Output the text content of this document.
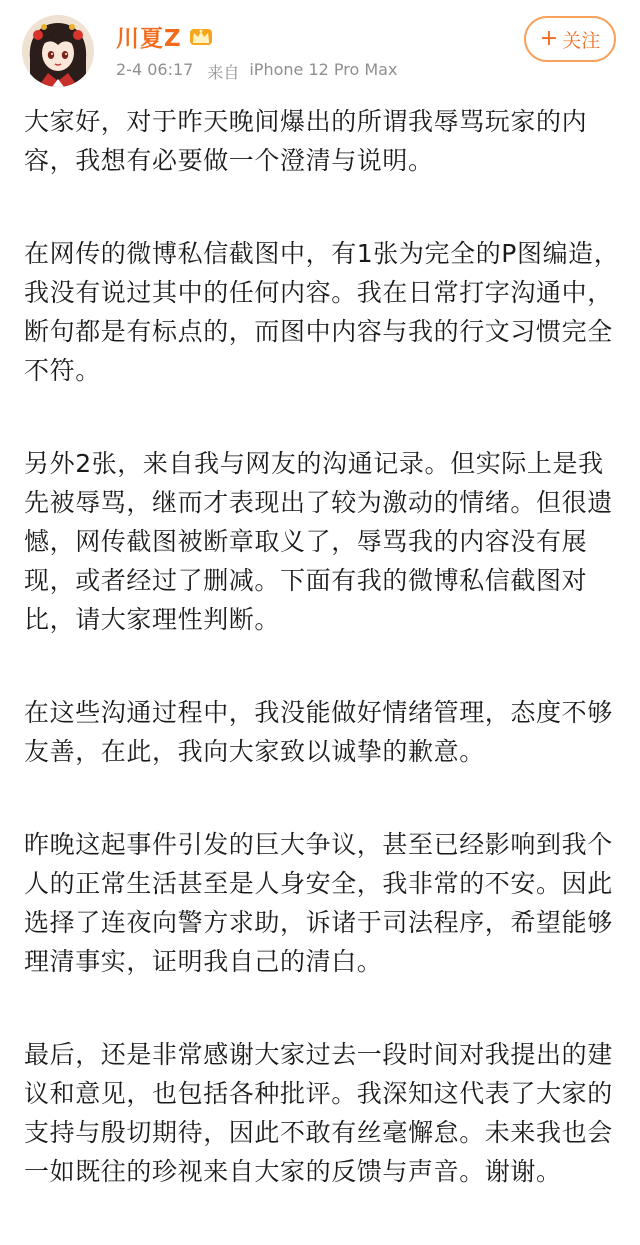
川夏Z
2-4 06:17 来自 iPhone 12 Pro Max
+ 关注

大家好，对于昨天晚间爆出的所谓我辱骂玩家的内容，我想有必要做一个澄清与说明。

在网传的微博私信截图中，有1张为完全的P图编造，我没有说过其中的任何内容。我在日常打字沟通中，断句都是有标点的，而图中内容与我的行文习惯完全不符。

另外2张，来自我与网友的沟通记录。但实际上是我先被辱骂，继而才表现出了较为激动的情绪。但很遗憾，网传截图被断章取义了，辱骂我的内容没有展现，或者经过了删减。下面有我的微博私信截图对比，请大家理性判断。

在这些沟通过程中，我没能做好情绪管理，态度不够友善，在此，我向大家致以诚挚的歉意。

昨晚这起事件引发的巨大争议，甚至已经影响到我个人的正常生活甚至是人身安全，我非常的不安。因此选择了连夜向警方求助，诉诸于司法程序，希望能够理清事实，证明我自己的清白。

最后，还是非常感谢大家过去一段时间对我提出的建议和意见，也包括各种批评。我深知这代表了大家的支持与殷切期待，因此不敢有丝毫懈怠。未来我也会一如既往的珍视来自大家的反馈与声音。谢谢。
